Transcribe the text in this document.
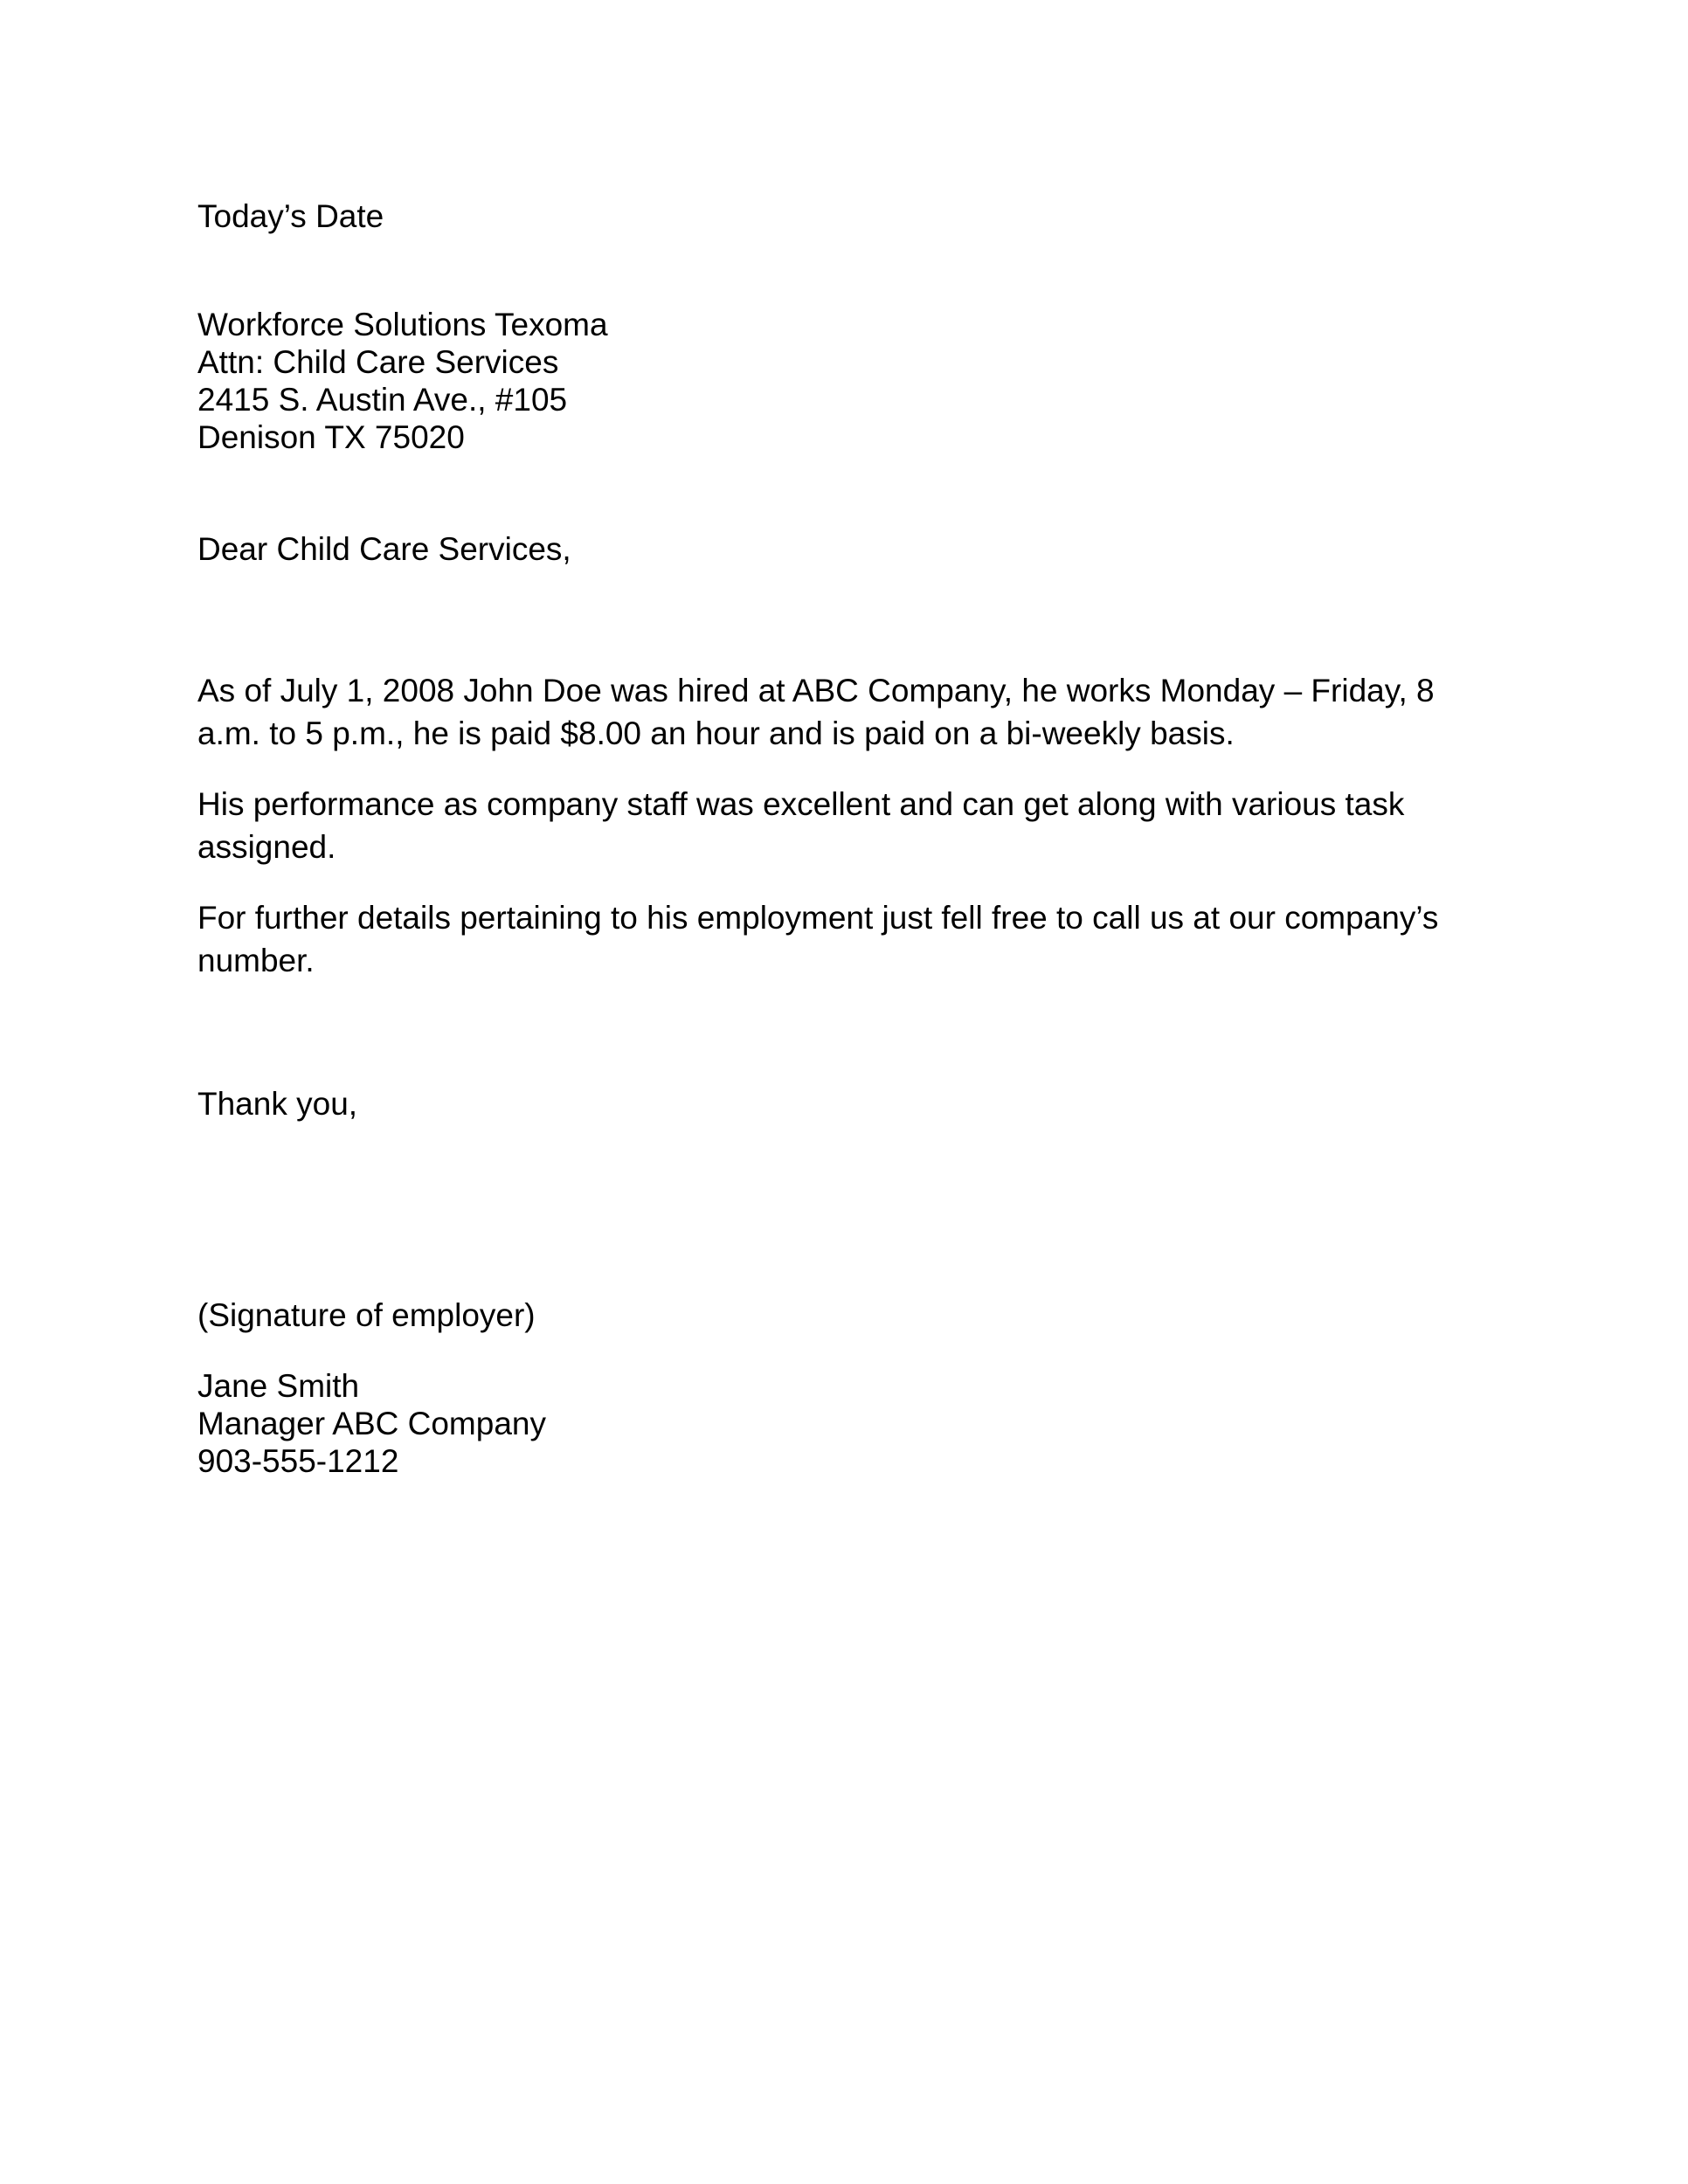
Today’s Date

Workforce Solutions Texoma

Attn: Child Care Services

2415 S. Austin Ave., #105

Denison TX 75020

Dear Child Care Services,

As of July 1, 2008 John Doe was hired at ABC Company, he works Monday – Friday, 8 a.m. to 5 p.m., he is paid $8.00 an hour and is paid on a bi-weekly basis.

His performance as company staff was excellent and can get along with various task assigned.

For further details pertaining to his employment just fell free to call us at our company’s number.

Thank you,

(Signature of employer)

Jane Smith

Manager ABC Company

903-555-1212
